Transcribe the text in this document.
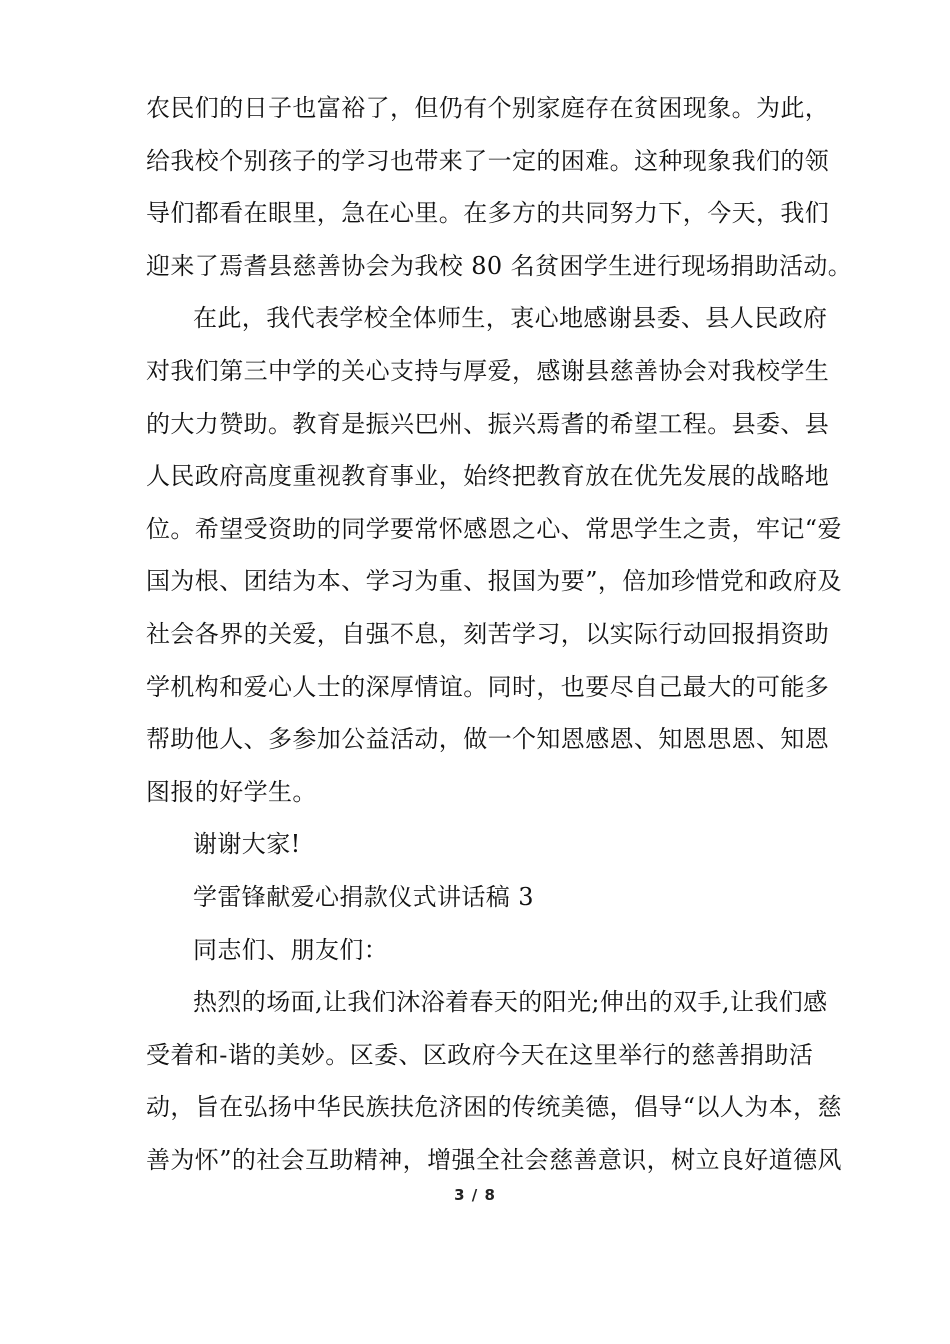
农民们的日子也富裕了，但仍有个别家庭存在贫困现象。为此，
给我校个别孩子的学习也带来了一定的困难。这种现象我们的领
导们都看在眼里，急在心里。在多方的共同努力下，今天，我们
迎来了焉耆县慈善协会为我校 80 名贫困学生进行现场捐助活动。
在此，我代表学校全体师生，衷心地感谢县委、县人民政府
对我们第三中学的关心支持与厚爱，感谢县慈善协会对我校学生
的大力赞助。教育是振兴巴州、振兴焉耆的希望工程。县委、县
人民政府高度重视教育事业，始终把教育放在优先发展的战略地
位。希望受资助的同学要常怀感恩之心、常思学生之责，牢记“爱
国为根、团结为本、学习为重、报国为要”，倍加珍惜党和政府及
社会各界的关爱，自强不息，刻苦学习，以实际行动回报捐资助
学机构和爱心人士的深厚情谊。同时，也要尽自己最大的可能多
帮助他人、多参加公益活动，做一个知恩感恩、知恩思恩、知恩
图报的好学生。
谢谢大家!
学雷锋献爱心捐款仪式讲话稿 3
同志们、朋友们：
热烈的场面,让我们沐浴着春天的阳光;伸出的双手,让我们感
受着和-谐的美妙。区委、区政府今天在这里举行的慈善捐助活
动，旨在弘扬中华民族扶危济困的传统美德，倡导“以人为本，慈
善为怀”的社会互助精神，增强全社会慈善意识，树立良好道德风
3 / 8
